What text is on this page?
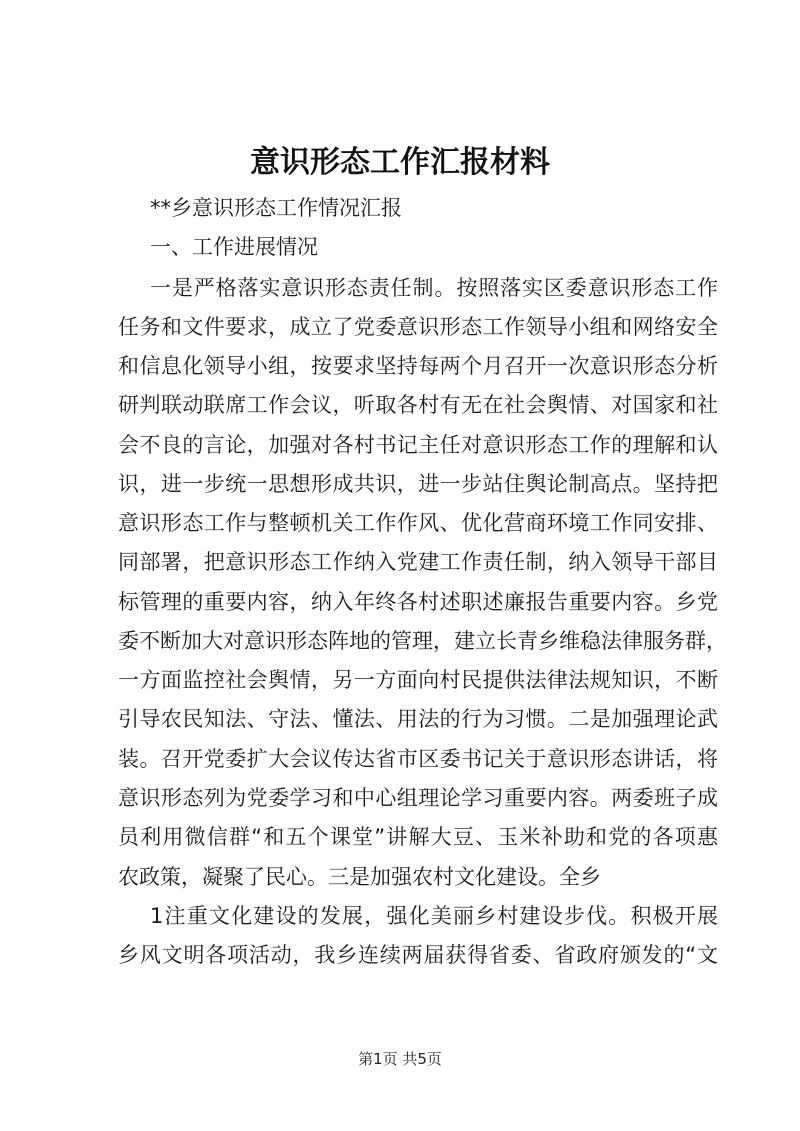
意识形态工作汇报材料
**乡意识形态工作情况汇报
一、工作进展情况
一是严格落实意识形态责任制。按照落实区委意识形态工作
任务和文件要求，成立了党委意识形态工作领导小组和网络安全
和信息化领导小组，按要求坚持每两个月召开一次意识形态分析
研判联动联席工作会议，听取各村有无在社会舆情、对国家和社
会不良的言论，加强对各村书记主任对意识形态工作的理解和认
识，进一步统一思想形成共识，进一步站住舆论制高点。坚持把
意识形态工作与整顿机关工作作风、优化营商环境工作同安排、
同部署，把意识形态工作纳入党建工作责任制，纳入领导干部目
标管理的重要内容，纳入年终各村述职述廉报告重要内容。乡党
委不断加大对意识形态阵地的管理，建立长青乡维稳法律服务群，
一方面监控社会舆情，另一方面向村民提供法律法规知识，不断
引导农民知法、守法、懂法、用法的行为习惯。二是加强理论武
装。召开党委扩大会议传达省市区委书记关于意识形态讲话，将
意识形态列为党委学习和中心组理论学习重要内容。两委班子成
员利用微信群“和五个课堂”讲解大豆、玉米补助和党的各项惠
农政策，凝聚了民心。三是加强农村文化建设。全乡
1注重文化建设的发展，强化美丽乡村建设步伐。积极开展
乡风文明各项活动，我乡连续两届获得省委、省政府颁发的“文
第1页 共5页
